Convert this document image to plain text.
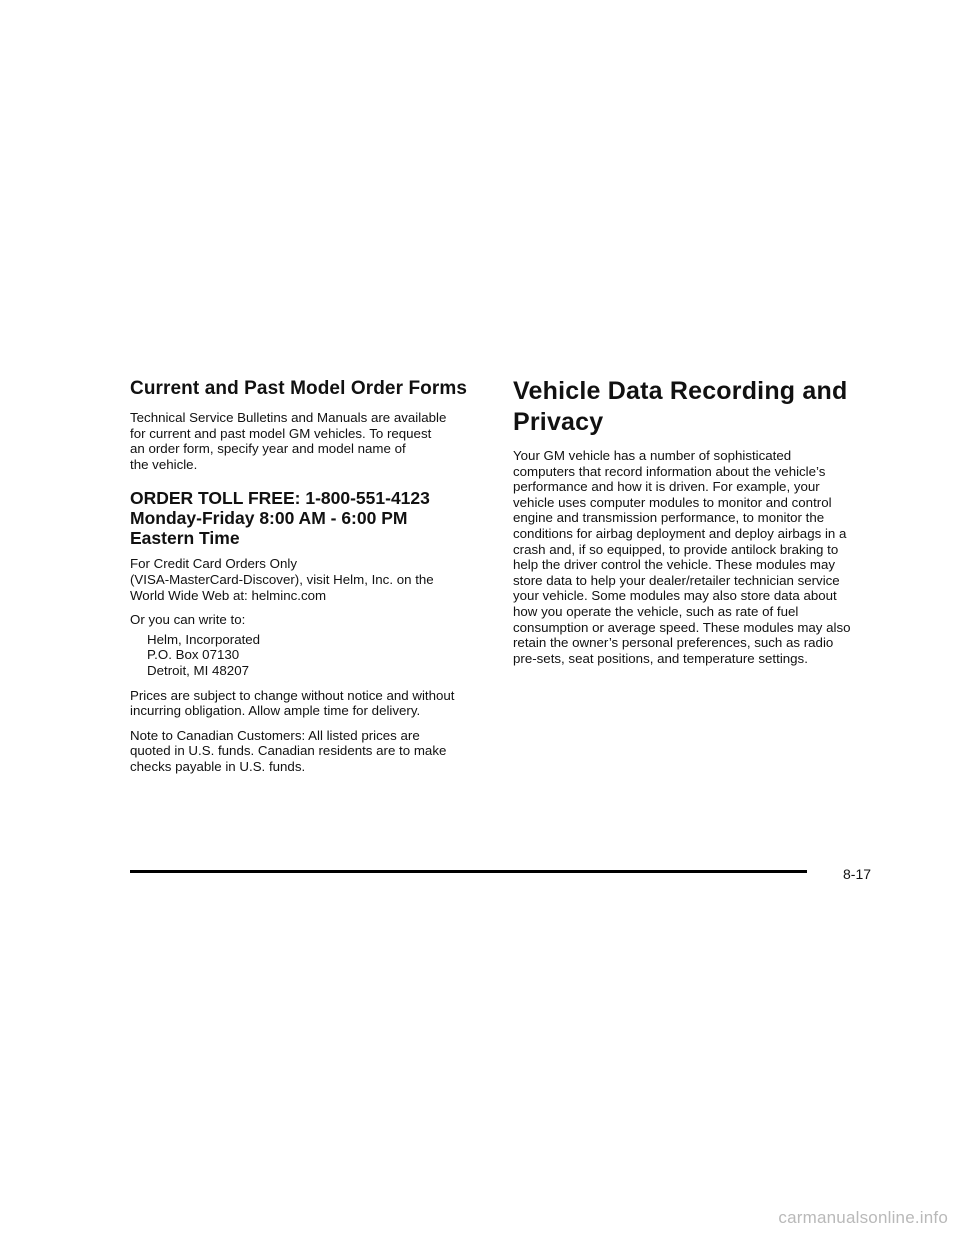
Current and Past Model Order Forms

Technical Service Bulletins and Manuals are available
for current and past model GM vehicles. To request
an order form, specify year and model name of
the vehicle.

ORDER TOLL FREE: 1-800-551-4123
Monday-Friday 8:00 AM - 6:00 PM
Eastern Time

For Credit Card Orders Only
(VISA-MasterCard-Discover), visit Helm, Inc. on the
World Wide Web at: helminc.com

Or you can write to:

Helm, Incorporated
P.O. Box 07130
Detroit, MI 48207

Prices are subject to change without notice and without
incurring obligation. Allow ample time for delivery.

Note to Canadian Customers: All listed prices are
quoted in U.S. funds. Canadian residents are to make
checks payable in U.S. funds.

Vehicle Data Recording and
Privacy

Your GM vehicle has a number of sophisticated
computers that record information about the vehicle’s
performance and how it is driven. For example, your
vehicle uses computer modules to monitor and control
engine and transmission performance, to monitor the
conditions for airbag deployment and deploy airbags in a
crash and, if so equipped, to provide antilock braking to
help the driver control the vehicle. These modules may
store data to help your dealer/retailer technician service
your vehicle. Some modules may also store data about
how you operate the vehicle, such as rate of fuel
consumption or average speed. These modules may also
retain the owner’s personal preferences, such as radio
pre-sets, seat positions, and temperature settings.

8-17
carmanualsonline.info
